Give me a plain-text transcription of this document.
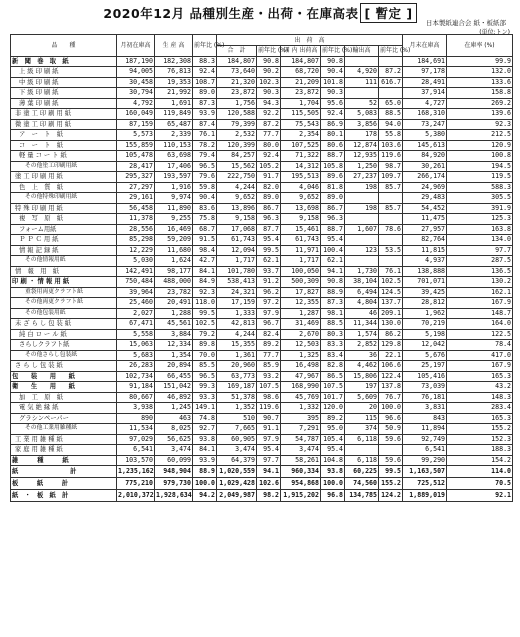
2020年12月 品種別生産・出荷・在庫高表 [ 暫定 ]
日本製紙連合会 紙・板紙部
(単位:トン)
品　　種	月初在庫高	生 産 高	前年比 (%)	出　荷　高						月末在庫高	在庫率 (%)
				合　計	前年比 (%)	国 内 出荷高	前年比 (%)	輸出高	前年比 (%)		
新　聞　巻　取　紙	187,190	182,308	88.3	184,807	90.8	184,807	90.8			184,691	99.9
上 級 印 刷 紙	94,005	76,813	92.4	73,640	90.2	68,720	90.4	4,920	87.2	97,178	132.0
中 級 印 刷 紙	30,458	19,353	108.7	21,320	102.3	21,209	101.8	111	616.7	28,491	133.6
下 級 印 刷 紙	30,794	21,992	89.0	23,872	90.3	23,872	90.3			37,914	158.8
薄 葉 印 刷 紙	4,792	1,691	87.3	1,756	94.3	1,704	95.6	52	65.0	4,727	269.2
非 塗 工 印 刷 用 紙	160,049	119,849	93.9	120,588	92.2	115,505	92.4	5,083	88.5	168,310	139.6
微 塗 工 印 刷 用 紙	87,159	65,487	87.4	79,399	87.2	75,543	86.9	3,856	94.0	73,247	92.3
ア　ー　ト　紙	5,573	2,339	76.1	2,532	77.7	2,354	80.1	178	55.8	5,380	212.5
コ　ー　ト　紙	155,859	110,153	78.2	120,399	80.0	107,525	80.6	12,874	103.6	145,613	120.9
軽 量 コ ー ト 紙	105,478	63,698	79.4	84,257	92.4	71,322	88.7	12,935	119.6	84,920	100.8
その他塗工印刷用紙	28,417	17,406	96.5	15,562	105.2	14,312	105.8	1,250	98.7	30,261	194.5
塗 工 印 刷 用 紙	295,327	193,597	79.6	222,750	91.7	195,513	89.6	27,237	109.7	266,174	119.5
色　上　質　紙	27,297	1,916	59.8	4,244	82.0	4,046	81.8	198	85.7	24,969	588.3
その他特殊印刷用紙	29,161	9,974	90.4	9,652	89.0	9,652	89.0			29,483	305.5
特 殊 印 刷 用 紙	56,458	11,890	83.6	13,896	86.7	13,698	86.7	198	85.7	54,452	391.9
複　写　原　紙	11,378	9,255	75.8	9,158	96.3	9,158	96.3			11,475	125.3
フォーム用紙	28,556	16,469	68.7	17,068	87.7	15,461	88.7	1,607	78.6	27,957	163.8
Ｐ Ｐ Ｃ 用 紙	85,298	59,209	91.5	61,743	95.4	61,743	95.4			82,764	134.0
情 報 記 録 紙	12,229	11,680	98.4	12,094	99.5	11,971	100.4	123	53.5	11,815	97.7
その他情報用紙	5,030	1,624	42.7	1,717	62.1	1,717	62.1			4,937	287.5
情　報　用　紙	142,491	98,177	84.1	101,780	93.7	100,050	94.1	1,730	76.1	138,888	136.5
印 刷 ・ 情 報 用 紙	750,484	488,000	84.9	538,413	91.2	500,309	90.8	38,104	102.5	701,071	130.2
重袋用両更クラフト紙	39,964	23,782	92.3	24,321	96.2	17,827	88.9	6,494	124.5	39,425	162.1
その他両更クラフト紙	25,460	20,491	118.0	17,159	97.2	12,355	87.3	4,804	137.7	28,812	167.9
その他包装用紙	2,027	1,288	99.5	1,333	97.9	1,287	98.1	46	209.1	1,962	148.7
未 ざ ら し 包 装 紙	67,471	45,561	102.5	42,813	96.7	31,469	88.5	11,344	130.0	70,219	164.0
純 白 ロ ー ル 紙	5,558	3,884	79.2	4,244	82.4	2,670	80.3	1,574	86.2	5,198	122.5
さらしクラフト紙	15,063	12,334	89.8	15,355	89.2	12,503	83.3	2,852	129.8	12,042	78.4
その他さらし包装紙	5,683	1,354	70.0	1,361	77.7	1,325	83.4	36	22.1	5,676	417.0
さ ら し 包 装 紙	26,283	20,894	85.5	20,960	85.9	16,498	82.8	4,462	106.6	25,197	167.9
包　　装　　用　　紙	102,734	66,455	96.5	63,773	93.2	47,967	86.5	15,806	122.4	105,416	165.3
衛　　生　　用　　紙	91,184	151,042	99.3	169,187	107.5	168,990	107.5	197	137.8	73,039	43.2
加　工　原　紙	80,667	46,892	93.3	51,378	98.6	45,769	101.7	5,609	76.7	76,181	148.3
電 気 絶 縁 紙	3,938	1,245	149.1	1,352	119.6	1,332	120.0	20	100.0	3,831	283.4
グラシンペーパー	890	463	74.8	510	90.7	395	89.2	115	96.6	843	165.3
その他工業用雑種紙	11,534	8,025	92.7	7,665	91.1	7,291	95.0	374	50.9	11,894	155.2
工 業 用 雑 種 紙	97,029	56,625	93.8	60,905	97.9	54,787	105.4	6,118	59.6	92,749	152.3
家 庭 用 雑 種 紙	6,541	3,474	84.1	3,474	95.4	3,474	95.4			6,541	188.3
雑　　　種　　　紙	103,570	60,099	93.9	64,379	97.7	58,261	104.8	6,118	59.6	99,290	154.2
紙　　　　　　計	1,235,162	948,904	88.9	1,020,559	94.1	960,334	93.8	60,225	99.5	1,163,507	114.0
板　　紙　　計	775,210	979,730	100.0	1,029,428	102.6	954,868	100.0	74,560	155.2	725,512	70.5
紙 ・ 板 紙 計	2,010,372	1,928,634	94.2	2,049,987	98.2	1,915,202	96.8	134,785	124.2	1,889,019	92.1
